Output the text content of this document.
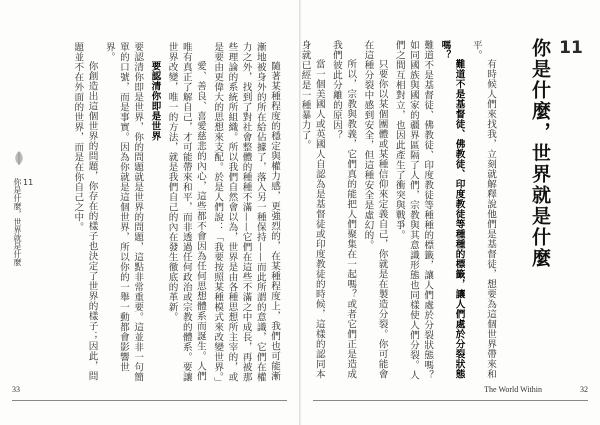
隨著某種程度的穩定與權力感，更強烈的，在某種程度上，我們也可能漸漸地被身外的所在給佔據了，落入另一種保持——而此所謂的意識，它們在權力之外，找到了對社會整體的種種不滿——它們在這些不滿之中成長，再被那些理論的系統所組織。所以我們自然會以為，世界是由各種思想所主宰的，或是要由更偉大的思想來支配。於是人們說：「我要按照某種模式來改變世界。」

愛、善良、喜愛慈悲的內心，這些都不會因為任何思想體系而誕生。人們唯有真正了解自己，才可能帶來和平，而非透過任何政治或宗教的體系。要讓世界改變，唯一的方法，就是我們自己的內在發生徹底的革新。

要認清你即是世界

要認清你即是世界，你的問題就是世界的問題，這點非常重要。這並非一句簡單的口號，而是事實。因為你就是這個世界，所以你的一舉一動都會影響世界。

你創造出這個世界的問題，你存在的樣子也決定了世界的樣子；因此，問題並不在外面的世界，而是在你自己之中。

11
你是什麼，世界就是什麼
33
11
你是什麼，世界就是什麼

有時候人們來找我，立刻就解釋說他們是基督徒，想要為這個世界帶來和平。

難道不是基督徒、佛教徒、印度教徒等種種的標籤，讓人們處於分裂狀態嗎？

難道不是基督徒、佛教徒、印度教徒等種種的標籤，讓人們處於分裂狀態嗎？如同國族與國家的疆界區隔了人們，宗教與其意識形態也同樣使人們分裂。人們之間互相對立，也因此產生了衝突與戰爭。

只要你以某個團體或某種信仰來定義自己，你就是在製造分裂。你可能會在這種分裂中感到安全，但這種安全是虛幻的。

所以，宗教與教義，它們真的能把人們聚集在一起嗎？或者它們正是造成我們彼此分離的原因？

當一個美國人或英國人自認為是基督徒或印度教徒的時候，這樣的認同本身就已經是一種暴力了。

The World Within	32
